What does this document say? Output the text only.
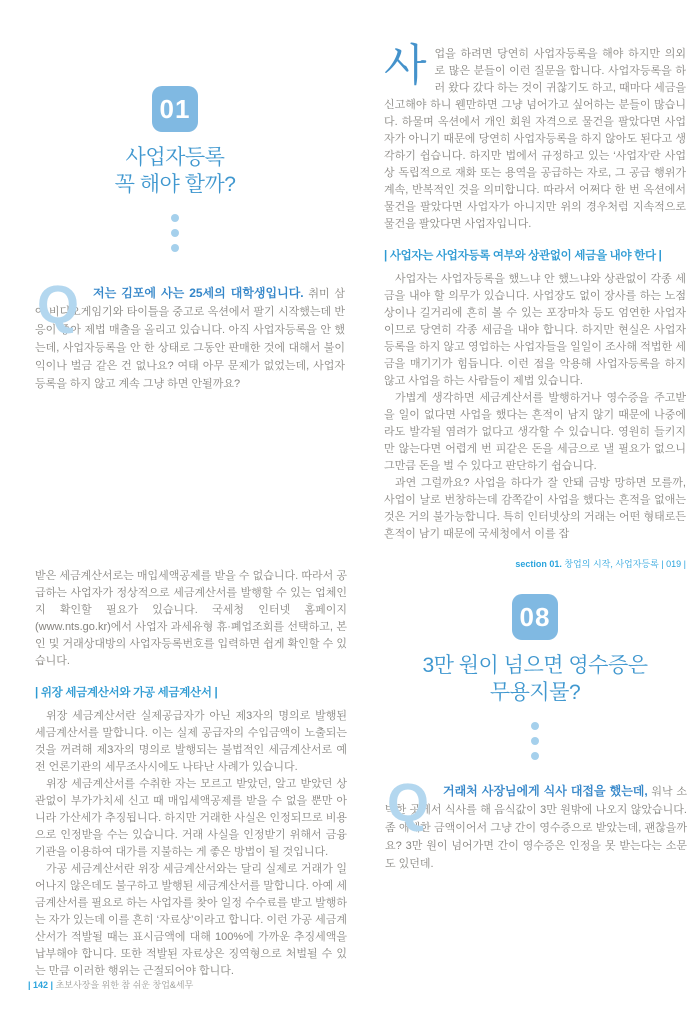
01

사업자등록
꼭 해야 할까?

Q	저는 김포에 사는 25세의 대학생입니다. 취미 삼아 비디오게임기와 타이틀을 중고로 옥션에서 팔기 시작했는데 반응이 좋아 제법 매출을 올리고 있습니다. 아직 사업자등록을 안 했는데, 사업자등록을 안 한 상태로 그동안 판매한 것에 대해서 불이익이나 벌금 같은 건 없나요? 여태 아무 문제가 없었는데, 사업자등록을 하지 않고 계속 그냥 하면 안될까요?

사업을 하려면 당연히 사업자등록을 해야 하지만 의외로 많은 분들이 이런 질문을 합니다. 사업자등록을 하러 왔다 갔다 하는 것이 귀찮기도 하고, 때마다 세금을 신고해야 하니 웬만하면 그냥 넘어가고 싶어하는 분들이 많습니다. 하물며 옥션에서 개인 회원 자격으로 물건을 팔았다면 사업자가 아니기 때문에 당연히 사업자등록을 하지 않아도 된다고 생각하기 쉽습니다. 하지만 법에서 규정하고 있는 ‘사업자’란 사업상 독립적으로 재화 또는 용역을 공급하는 자로, 그 공급 행위가 계속, 반복적인 것을 의미합니다. 따라서 어쩌다 한 번 옥션에서 물건을 팔았다면 사업자가 아니지만 위의 경우처럼 지속적으로 물건을 팔았다면 사업자입니다.

| 사업자는 사업자등록 여부와 상관없이 세금을 내야 한다 |

사업자는 사업자등록을 했느냐 안 했느냐와 상관없이 각종 세금을 내야 할 의무가 있습니다. 사업장도 없이 장사를 하는 노점상이나 길거리에 흔히 볼 수 있는 포장마차 등도 엄연한 사업자이므로 당연히 각종 세금을 내야 합니다. 하지만 현실은 사업자등록을 하지 않고 영업하는 사업자들을 일일이 조사해 적법한 세금을 매기기가 힘듭니다. 이런 점을 악용해 사업자등록을 하지 않고 사업을 하는 사람들이 제법 있습니다.

가볍게 생각하면 세금계산서를 발행하거나 영수증을 주고받을 일이 없다면 사업을 했다는 흔적이 남지 않기 때문에 나중에라도 발각될 염려가 없다고 생각할 수 있습니다. 영원히 들키지만 않는다면 어렵게 번 피같은 돈을 세금으로 낼 필요가 없으니 그만큼 돈을 벌 수 있다고 판단하기 쉽습니다.

과연 그럴까요? 사업을 하다가 잘 안돼 금방 망하면 모를까, 사업이 날로 번창하는데 감쪽같이 사업을 했다는 흔적을 없애는 것은 거의 불가능합니다. 특히 인터넷상의 거래는 어떤 형태로든 흔적이 남기 때문에 국세청에서 이를 잡

section 01. 창업의 시작, 사업자등록 | 019 |

받은 세금계산서로는 매입세액공제를 받을 수 없습니다. 따라서 공급하는 사업자가 정상적으로 세금계산서를 발행할 수 있는 업체인지 확인할 필요가 있습니다. 국세청 인터넷 홈페이지(www.nts.go.kr)에서 사업자 과세유형 휴·폐업조회를 선택하고, 본인 및 거래상대방의 사업자등록번호를 입력하면 쉽게 확인할 수 있습니다.

| 위장 세금계산서와 가공 세금계산서 |

위장 세금계산서란 실제공급자가 아닌 제3자의 명의로 발행된 세금계산서를 말합니다. 이는 실제 공급자의 수입금액이 노출되는 것을 꺼려해 제3자의 명의로 발행되는 불법적인 세금계산서로 예전 언론기관의 세무조사시에도 나타난 사례가 있습니다.

위장 세금계산서를 수취한 자는 모르고 받았던, 알고 받았던 상관없이 부가가치세 신고 때 매입세액공제를 받을 수 없을 뿐만 아니라 가산세가 추징됩니다. 하지만 거래한 사실은 인정되므로 비용으로 인정받을 수는 있습니다. 거래 사실을 인정받기 위해서 금융기관을 이용하여 대가를 지불하는 게 좋은 방법이 될 것입니다.

가공 세금계산서란 위장 세금계산서와는 달리 실제로 거래가 일어나지 않은데도 불구하고 발행된 세금계산서를 말합니다. 아예 세금계산서를 필요로 하는 사업자를 찾아 일정 수수료를 받고 발행하는 자가 있는데 이를 흔히 ‘자료상’이라고 합니다. 이런 가공 세금계산서가 적발될 때는 표시금액에 대해 100%에 가까운 추징세액을 납부해야 합니다. 또한 적발된 자료상은 징역형으로 처벌될 수 있는 만큼 이러한 행위는 근절되어야 합니다.

| 142 | 초보사장을 위한 참 쉬운 창업&세무
08

3만 원이 넘으면 영수증은
무용지물?

Q	거래처 사장님에게 식사 대접을 했는데, 워낙 소박한 곳에서 식사를 해 음식값이 3만 원밖에 나오지 않았습니다. 좀 애매한 금액이어서 그냥 간이 영수증으로 받았는데, 괜찮을까요? 3만 원이 넘어가면 간이 영수증은 인정을 못 받는다는 소문도 있던데.
